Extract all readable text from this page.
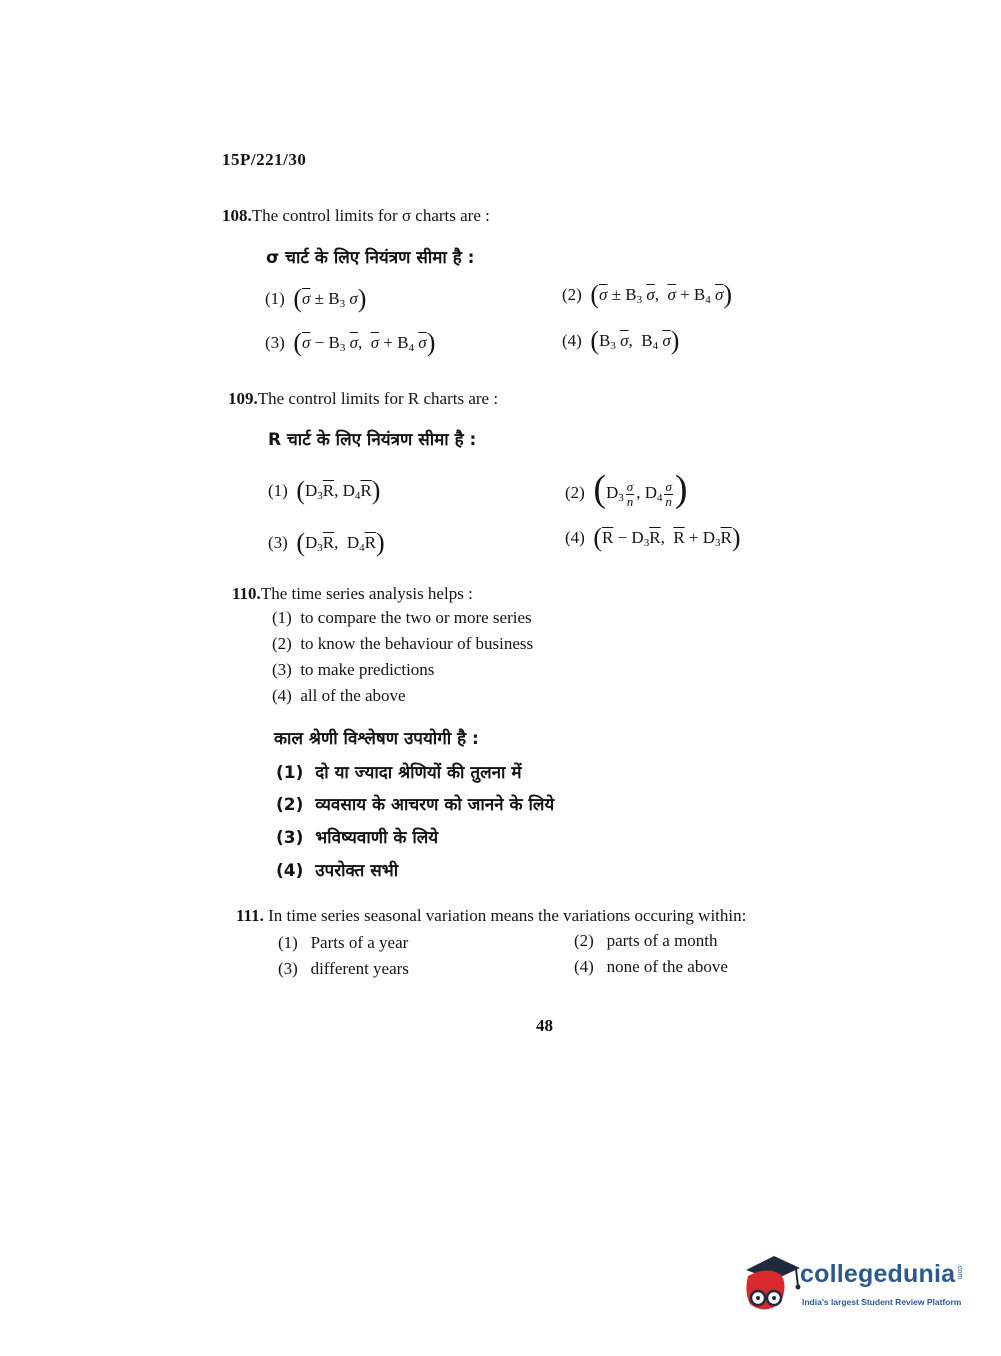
15P/221/30
108.The control limits for σ charts are :
σ चार्ट के लिए नियंत्रण सीमा है :
(1) ($\overline{\sigma} \pm B_3$ σ)	(2) ($\overline{\sigma} \pm B_3$ $\overline{\sigma}$,  $\overline{\sigma} + B_4$ $\overline{\sigma}$)
(3) ($\overline{\sigma} - B_3$ $\overline{\sigma}$,  $\overline{\sigma} + B_4$ $\overline{\sigma}$)	(4) ($B_3$ $\overline{\sigma}$,  $B_4$ $\overline{\sigma}$)
109.The control limits for R charts are :
R चार्ट के लिए नियंत्रण सीमा है :
(1) ($D_3\overline{R}$, $D_4\overline{R}$)	(2) ($D_3 \frac{\sigma}{n}$ , $D_4 \frac{\sigma}{n}$ )
(3) ($D_3\overline{R}$,  $D_4\overline{R}$)	(4) ($\overline{R} - D_3\overline{R}$,  $\overline{R} + D_3\overline{R}$)
110.The time series analysis helps :
(1) to compare the two or more series
(2) to know the behaviour of business
(3) to make predictions
(4) all of the above
काल श्रेणी विश्लेषण उपयोगी है :
(1) दो या ज्यादा श्रेणियों की तुलना में
(2) व्यवसाय के आचरण को जानने के लिये
(3) भविष्यवाणी के लिये
(4) उपरोक्त सभी
111. In time series seasonal variation means the variations occuring within:
(1) Parts of a year	(2) parts of a month
(3) different years	(4) none of the above
48
collegedunia .com
India's largest Student Review Platform
